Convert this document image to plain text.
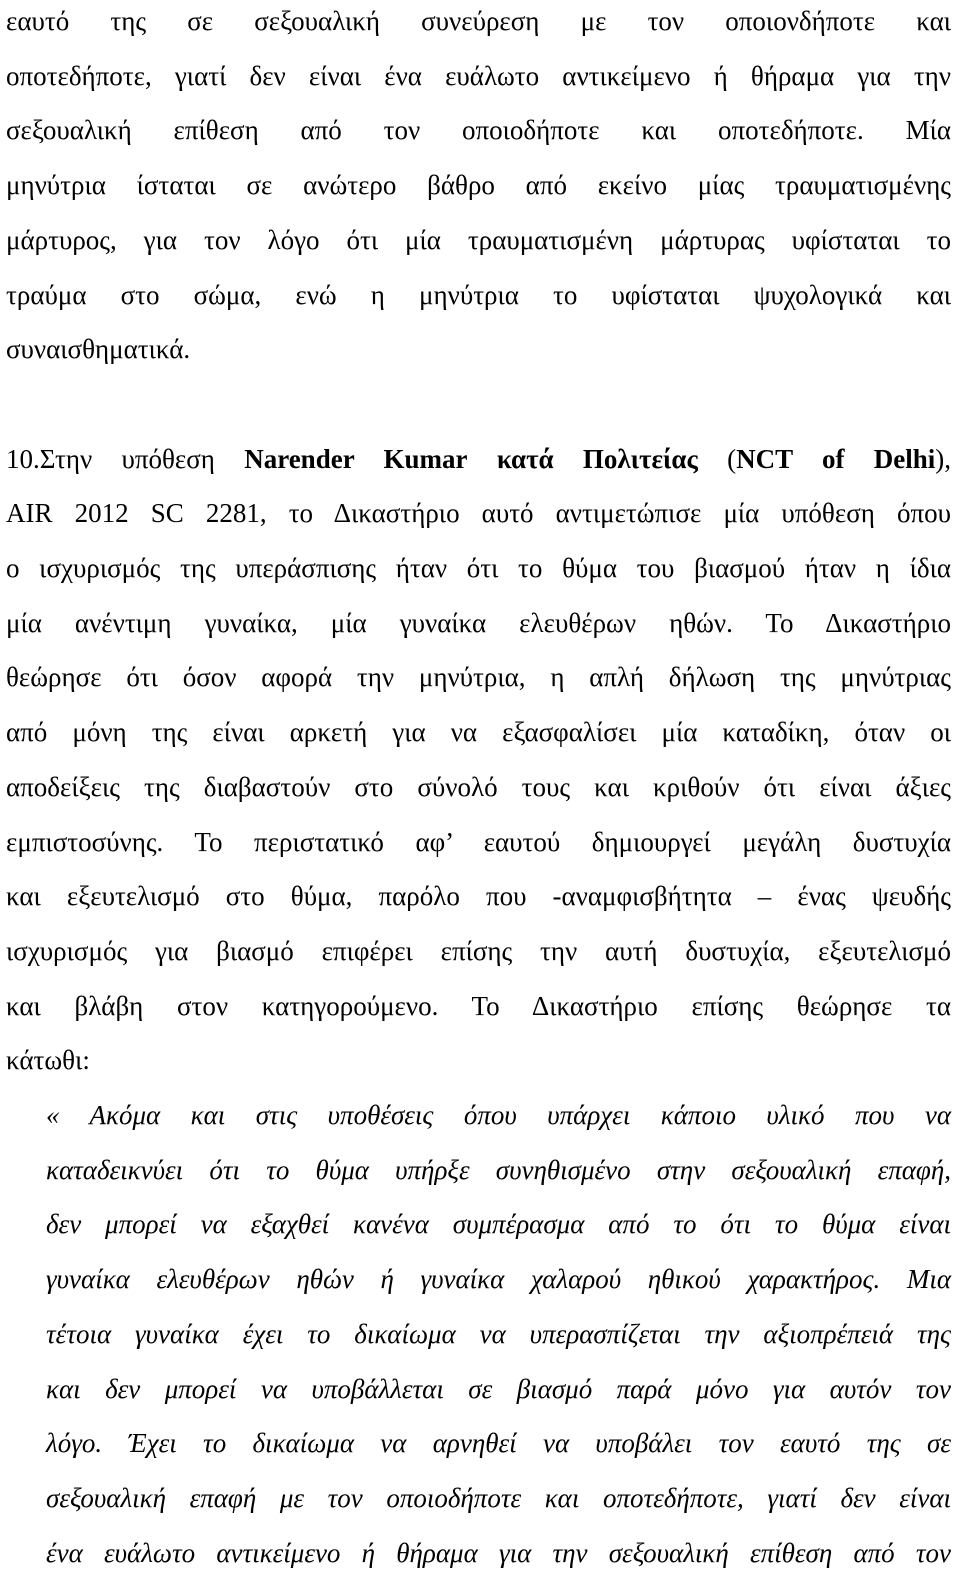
εαυτό της σε σεξουαλική συνεύρεση με τον οποιονδήποτε και
οποτεδήποτε, γιατί δεν είναι ένα ευάλωτο αντικείμενο ή θήραμα για την
σεξουαλική επίθεση από τον οποιοδήποτε και οποτεδήποτε. Μία
μηνύτρια ίσταται σε ανώτερο βάθρο από εκείνο μίας τραυματισμένης
μάρτυρος, για τον λόγο ότι μία τραυματισμένη μάρτυρας υφίσταται το
τραύμα στο σώμα, ενώ η μηνύτρια το υφίσταται ψυχολογικά και
συναισθηματικά.
10.Στην υπόθεση Narender Kumar κατά Πολιτείας (NCT of Delhi),
AIR 2012 SC 2281, το Δικαστήριο αυτό αντιμετώπισε μία υπόθεση όπου
ο ισχυρισμός της υπεράσπισης ήταν ότι το θύμα του βιασμού ήταν η ίδια
μία ανέντιμη γυναίκα, μία γυναίκα ελευθέρων ηθών. Το Δικαστήριο
θεώρησε ότι όσον αφορά την μηνύτρια, η απλή δήλωση της μηνύτριας
από μόνη της είναι αρκετή για να εξασφαλίσει μία καταδίκη, όταν οι
αποδείξεις της διαβαστούν στο σύνολό τους και κριθούν ότι είναι άξιες
εμπιστοσύνης. Το περιστατικό αφ’ εαυτού δημιουργεί μεγάλη δυστυχία
και εξευτελισμό στο θύμα, παρόλο που -αναμφισβήτητα – ένας ψευδής
ισχυρισμός για βιασμό επιφέρει επίσης την αυτή δυστυχία, εξευτελισμό
και βλάβη στον κατηγορούμενο. Το Δικαστήριο επίσης θεώρησε τα
κάτωθι:
« Ακόμα και στις υποθέσεις όπου υπάρχει κάποιο υλικό που να
καταδεικνύει ότι το θύμα υπήρξε συνηθισμένο στην σεξουαλική επαφή,
δεν μπορεί να εξαχθεί κανένα συμπέρασμα από το ότι το θύμα είναι
γυναίκα ελευθέρων ηθών ή γυναίκα χαλαρού ηθικού χαρακτήρος. Μια
τέτοια γυναίκα έχει το δικαίωμα να υπερασπίζεται την αξιοπρέπειά της
και δεν μπορεί να υποβάλλεται σε βιασμό παρά μόνο για αυτόν τον
λόγο. Έχει το δικαίωμα να αρνηθεί να υποβάλει τον εαυτό της σε
σεξουαλική επαφή με τον οποιοδήποτε και οποτεδήποτε, γιατί δεν είναι
ένα ευάλωτο αντικείμενο ή θήραμα για την σεξουαλική επίθεση από τον
